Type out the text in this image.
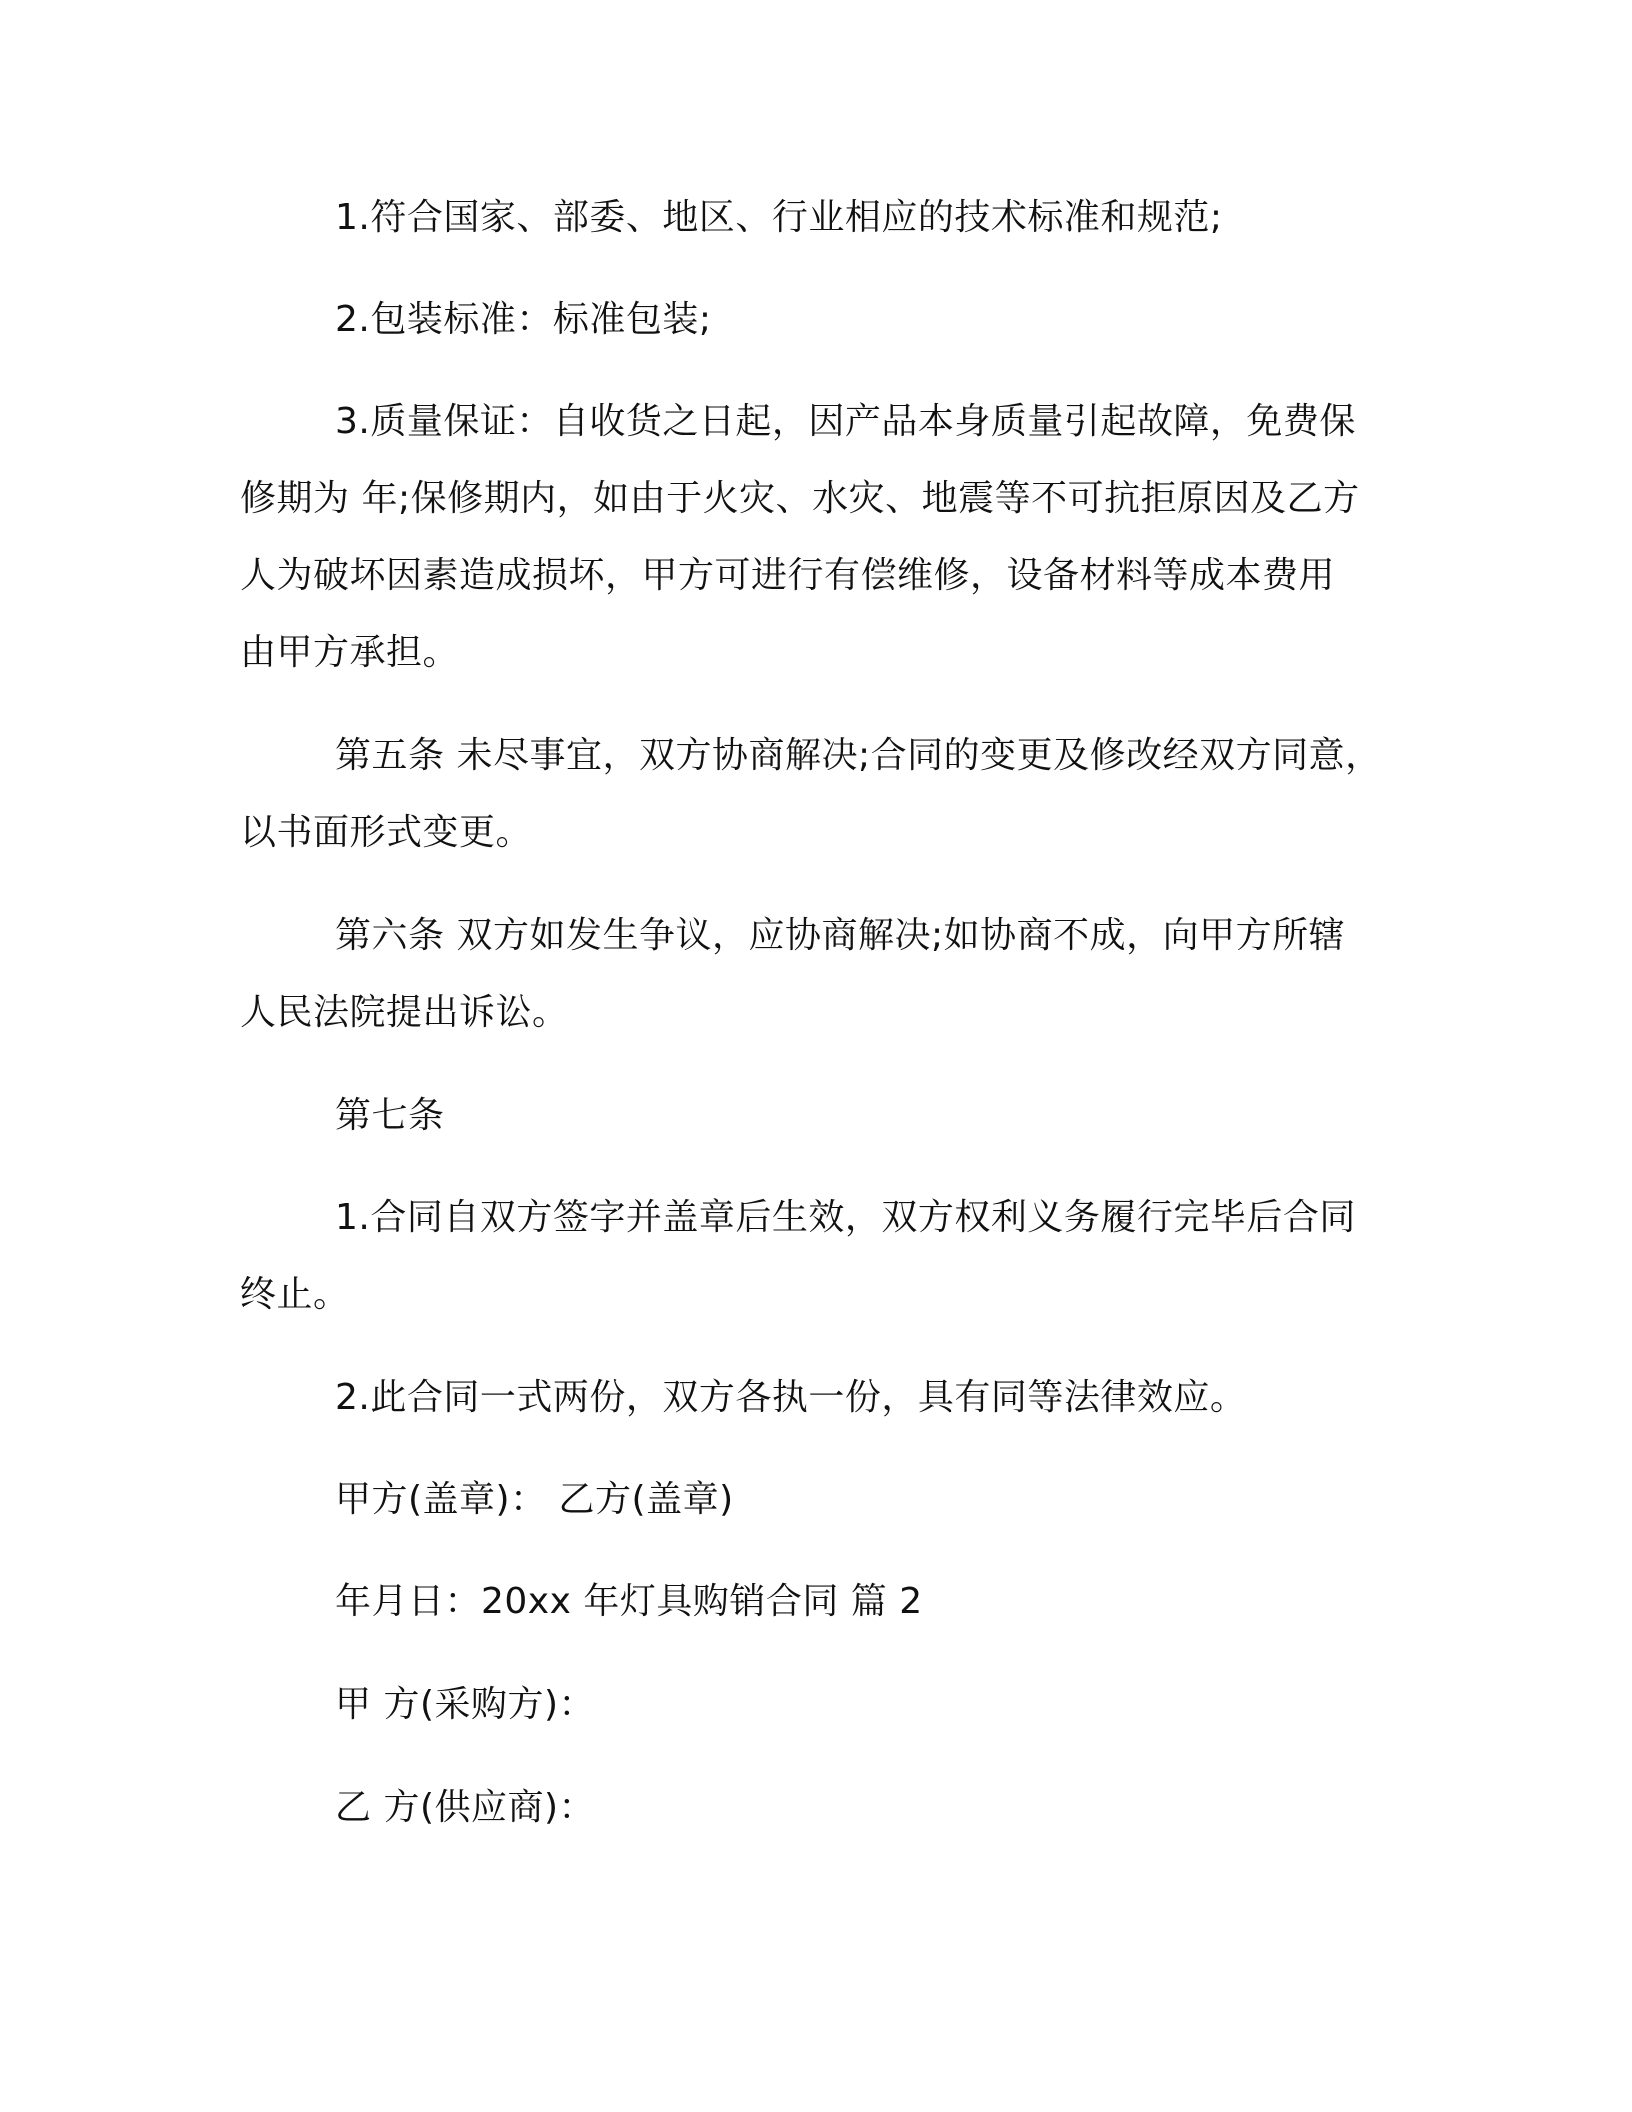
1.符合国家、部委、地区、行业相应的技术标准和规范;
2.包装标准：标准包装;
3.质量保证：自收货之日起，因产品本身质量引起故障，免费保
修期为 年;保修期内，如由于火灾、水灾、地震等不可抗拒原因及乙方
人为破坏因素造成损坏，甲方可进行有偿维修，设备材料等成本费用
由甲方承担。
第五条 未尽事宜，双方协商解决;合同的变更及修改经双方同意，
以书面形式变更。
第六条 双方如发生争议，应协商解决;如协商不成，向甲方所辖
人民法院提出诉讼。
第七条
1.合同自双方签字并盖章后生效，双方权利义务履行完毕后合同
终止。
2.此合同一式两份，双方各执一份，具有同等法律效应。
甲方(盖章)： 乙方(盖章)
年月日：20xx 年灯具购销合同 篇 2
甲 方(采购方)：
乙 方(供应商)：
